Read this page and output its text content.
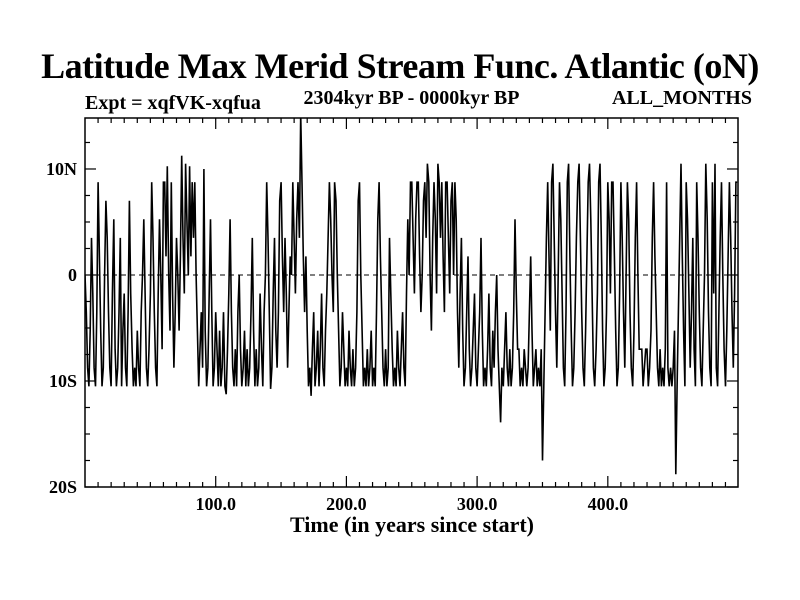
Latitude Max Merid Stream Func. Atlantic (oN)
Expt = xqfVK-xqfua	2304kyr BP - 0000kyr BP	ALL_MONTHS
100.0	200.0	300.0	400.0
10N
0
10S
20S
Time (in years since start)
